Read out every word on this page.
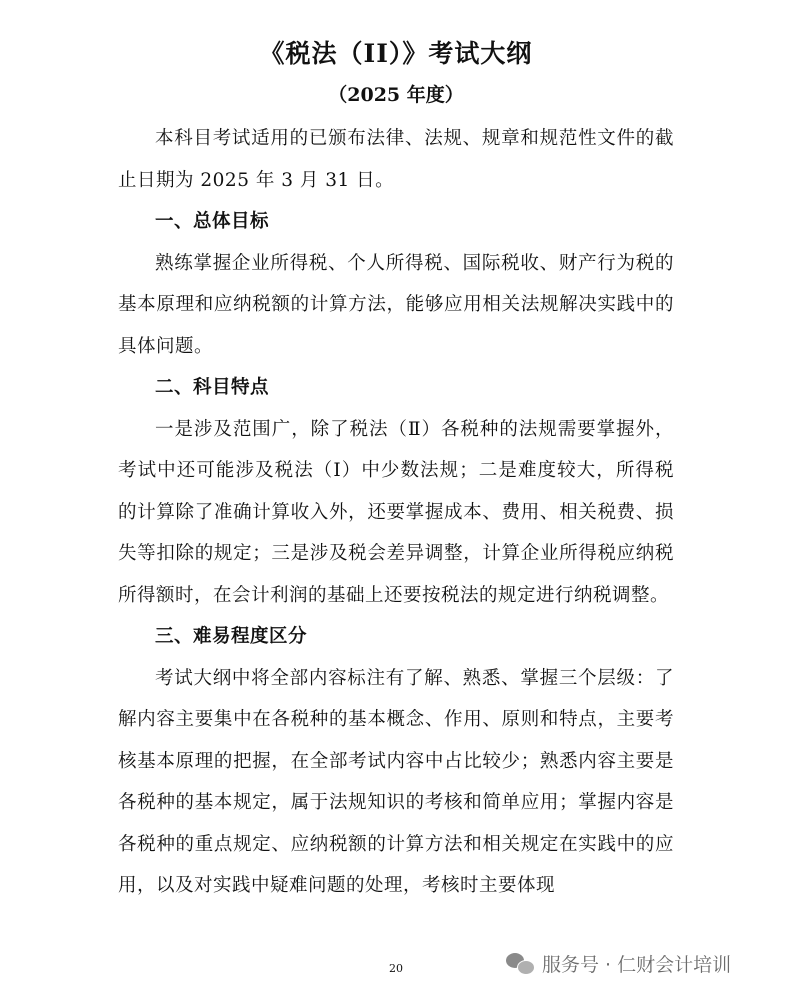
《税法（II）》考试大纲
（2025 年度）

本科目考试适用的已颁布法律、法规、规章和规范性文件的截止日期为 2025 年 3 月 31 日。

一、总体目标

熟练掌握企业所得税、个人所得税、国际税收、财产行为税的基本原理和应纳税额的计算方法，能够应用相关法规解决实践中的具体问题。

二、科目特点

一是涉及范围广，除了税法（Ⅱ）各税种的法规需要掌握外，考试中还可能涉及税法（Ⅰ）中少数法规；二是难度较大，所得税的计算除了准确计算收入外，还要掌握成本、费用、相关税费、损失等扣除的规定；三是涉及税会差异调整，计算企业所得税应纳税所得额时，在会计利润的基础上还要按税法的规定进行纳税调整。

三、难易程度区分

考试大纲中将全部内容标注有了解、熟悉、掌握三个层级：了解内容主要集中在各税种的基本概念、作用、原则和特点，主要考核基本原理的把握，在全部考试内容中占比较少；熟悉内容主要是各税种的基本规定，属于法规知识的考核和简单应用；掌握内容是各税种的重点规定、应纳税额的计算方法和相关规定在实践中的应用，以及对实践中疑难问题的处理，考核时主要体现

20	服务号 · 仁财会计培训
